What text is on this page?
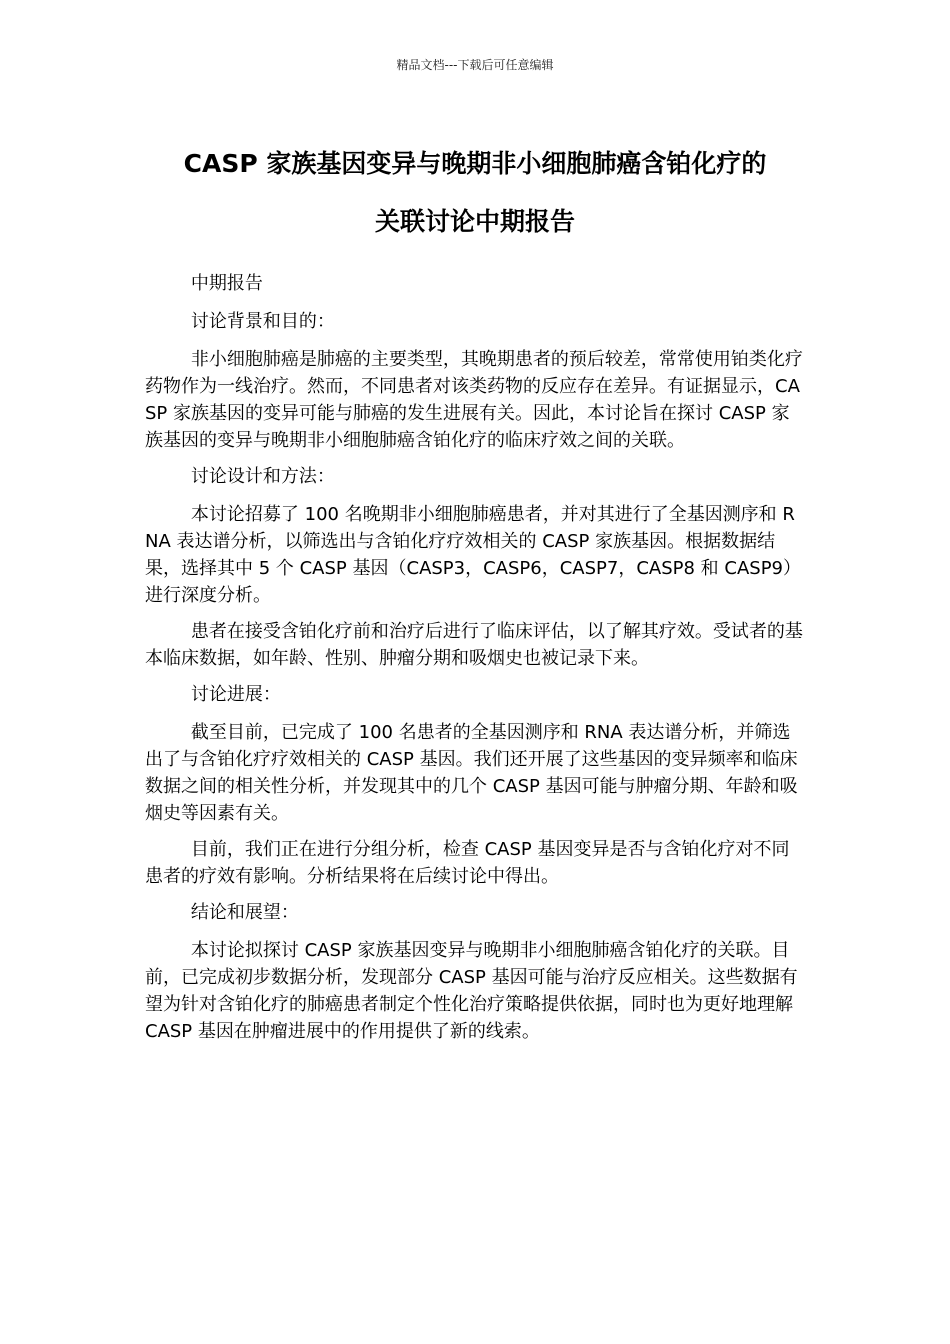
精品文档---下载后可任意编辑
CASP 家族基因变异与晚期非小细胞肺癌含铂化疗的
关联讨论中期报告

中期报告

讨论背景和目的：

非小细胞肺癌是肺癌的主要类型，其晚期患者的预后较差，常常使用铂类化疗药物作为一线治疗。然而，不同患者对该类药物的反应存在差异。有证据显示，CASP 家族基因的变异可能与肺癌的发生进展有关。因此，本讨论旨在探讨 CASP 家族基因的变异与晚期非小细胞肺癌含铂化疗的临床疗效之间的关联。

讨论设计和方法：

本讨论招募了 100 名晚期非小细胞肺癌患者，并对其进行了全基因测序和 RNA 表达谱分析，以筛选出与含铂化疗疗效相关的 CASP 家族基因。根据数据结果，选择其中 5 个 CASP 基因（CASP3，CASP6，CASP7，CASP8 和 CASP9）进行深度分析。

患者在接受含铂化疗前和治疗后进行了临床评估，以了解其疗效。受试者的基本临床数据，如年龄、性别、肿瘤分期和吸烟史也被记录下来。

讨论进展：

截至目前，已完成了 100 名患者的全基因测序和 RNA 表达谱分析，并筛选出了与含铂化疗疗效相关的 CASP 基因。我们还开展了这些基因的变异频率和临床数据之间的相关性分析，并发现其中的几个 CASP 基因可能与肿瘤分期、年龄和吸烟史等因素有关。

目前，我们正在进行分组分析，检查 CASP 基因变异是否与含铂化疗对不同患者的疗效有影响。分析结果将在后续讨论中得出。

结论和展望：

本讨论拟探讨 CASP 家族基因变异与晚期非小细胞肺癌含铂化疗的关联。目前，已完成初步数据分析，发现部分 CASP 基因可能与治疗反应相关。这些数据有望为针对含铂化疗的肺癌患者制定个性化治疗策略提供依据，同时也为更好地理解 CASP 基因在肿瘤进展中的作用提供了新的线索。
